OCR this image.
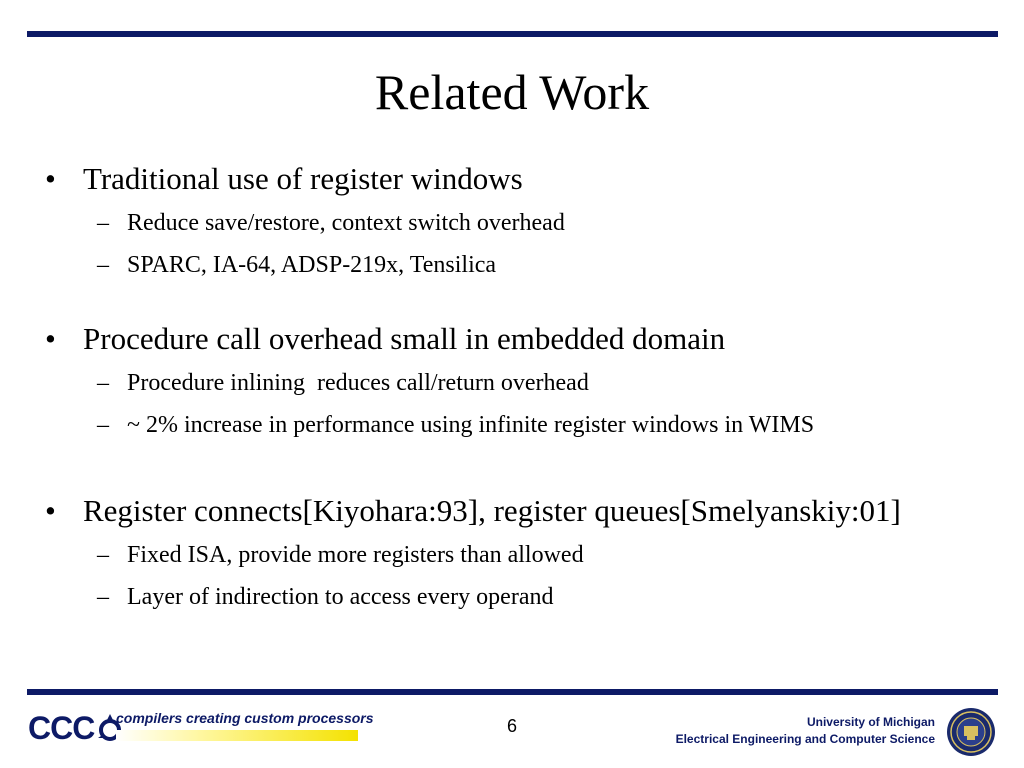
Related Work
• Traditional use of register windows
– Reduce save/restore, context switch overhead
– SPARC, IA-64, ADSP-219x, Tensilica
• Procedure call overhead small in embedded domain
– Procedure inlining  reduces call/return overhead
– ~ 2% increase in performance using infinite register windows in WIMS
• Register connects[Kiyohara:93], register queues[Smelyanskiy:01]
– Fixed ISA, provide more registers than allowed
– Layer of indirection to access every operand
CCC compilers creating custom processors	6	University of Michigan
Electrical Engineering and Computer Science
